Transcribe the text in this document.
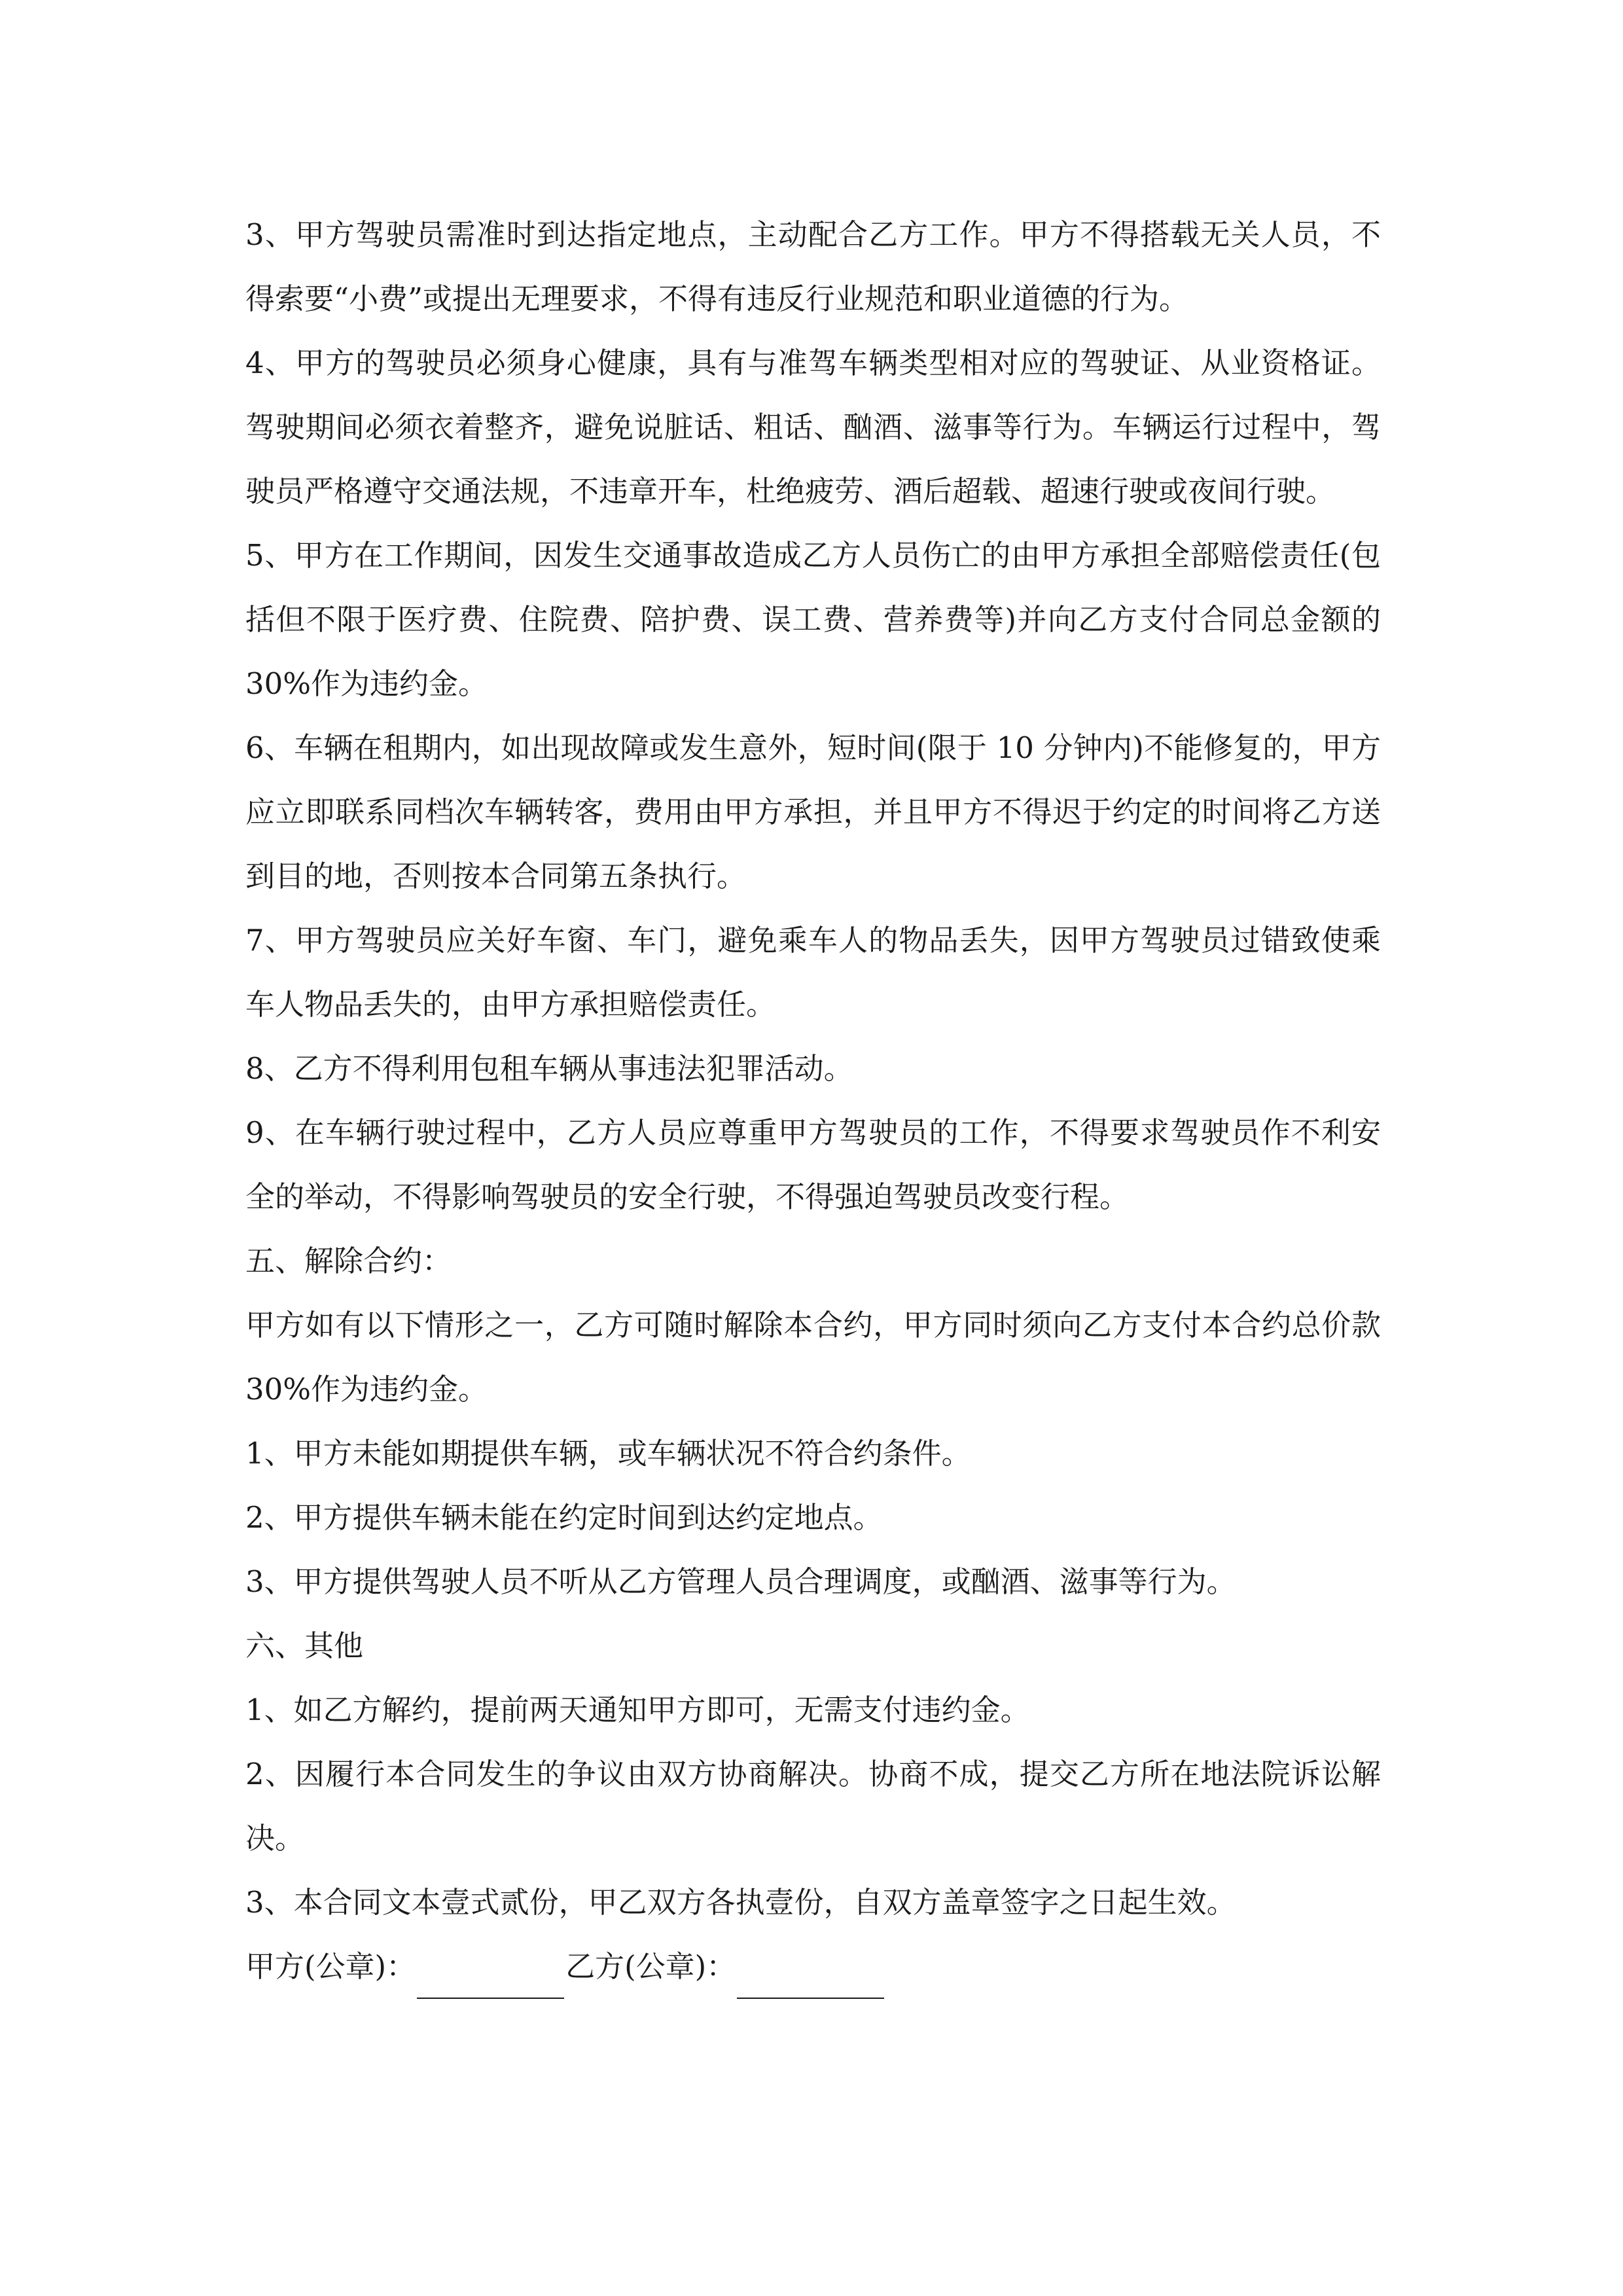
3、甲方驾驶员需准时到达指定地点，主动配合乙方工作。甲方不得搭载无关人员，不得索要“小费”或提出无理要求，不得有违反行业规范和职业道德的行为。

4、甲方的驾驶员必须身心健康，具有与准驾车辆类型相对应的驾驶证、从业资格证。驾驶期间必须衣着整齐，避免说脏话、粗话、酗酒、滋事等行为。车辆运行过程中，驾驶员严格遵守交通法规，不违章开车，杜绝疲劳、酒后超载、超速行驶或夜间行驶。

5、甲方在工作期间，因发生交通事故造成乙方人员伤亡的由甲方承担全部赔偿责任(包括但不限于医疗费、住院费、陪护费、误工费、营养费等)并向乙方支付合同总金额的 30%作为违约金。

6、车辆在租期内，如出现故障或发生意外，短时间(限于 10 分钟内)不能修复的，甲方应立即联系同档次车辆转客，费用由甲方承担，并且甲方不得迟于约定的时间将乙方送到目的地，否则按本合同第五条执行。

7、甲方驾驶员应关好车窗、车门，避免乘车人的物品丢失，因甲方驾驶员过错致使乘车人物品丢失的，由甲方承担赔偿责任。

8、乙方不得利用包租车辆从事违法犯罪活动。

9、在车辆行驶过程中，乙方人员应尊重甲方驾驶员的工作，不得要求驾驶员作不利安全的举动，不得影响驾驶员的安全行驶，不得强迫驾驶员改变行程。

五、解除合约：

甲方如有以下情形之一，乙方可随时解除本合约，甲方同时须向乙方支付本合约总价款 30%作为违约金。

1、甲方未能如期提供车辆，或车辆状况不符合约条件。

2、甲方提供车辆未能在约定时间到达约定地点。

3、甲方提供驾驶人员不听从乙方管理人员合理调度，或酗酒、滋事等行为。

六、其他

1、如乙方解约，提前两天通知甲方即可，无需支付违约金。

2、因履行本合同发生的争议由双方协商解决。协商不成，提交乙方所在地法院诉讼解决。

3、本合同文本壹式贰份，甲乙双方各执壹份，自双方盖章签字之日起生效。

甲方(公章)：	乙方(公章)：
